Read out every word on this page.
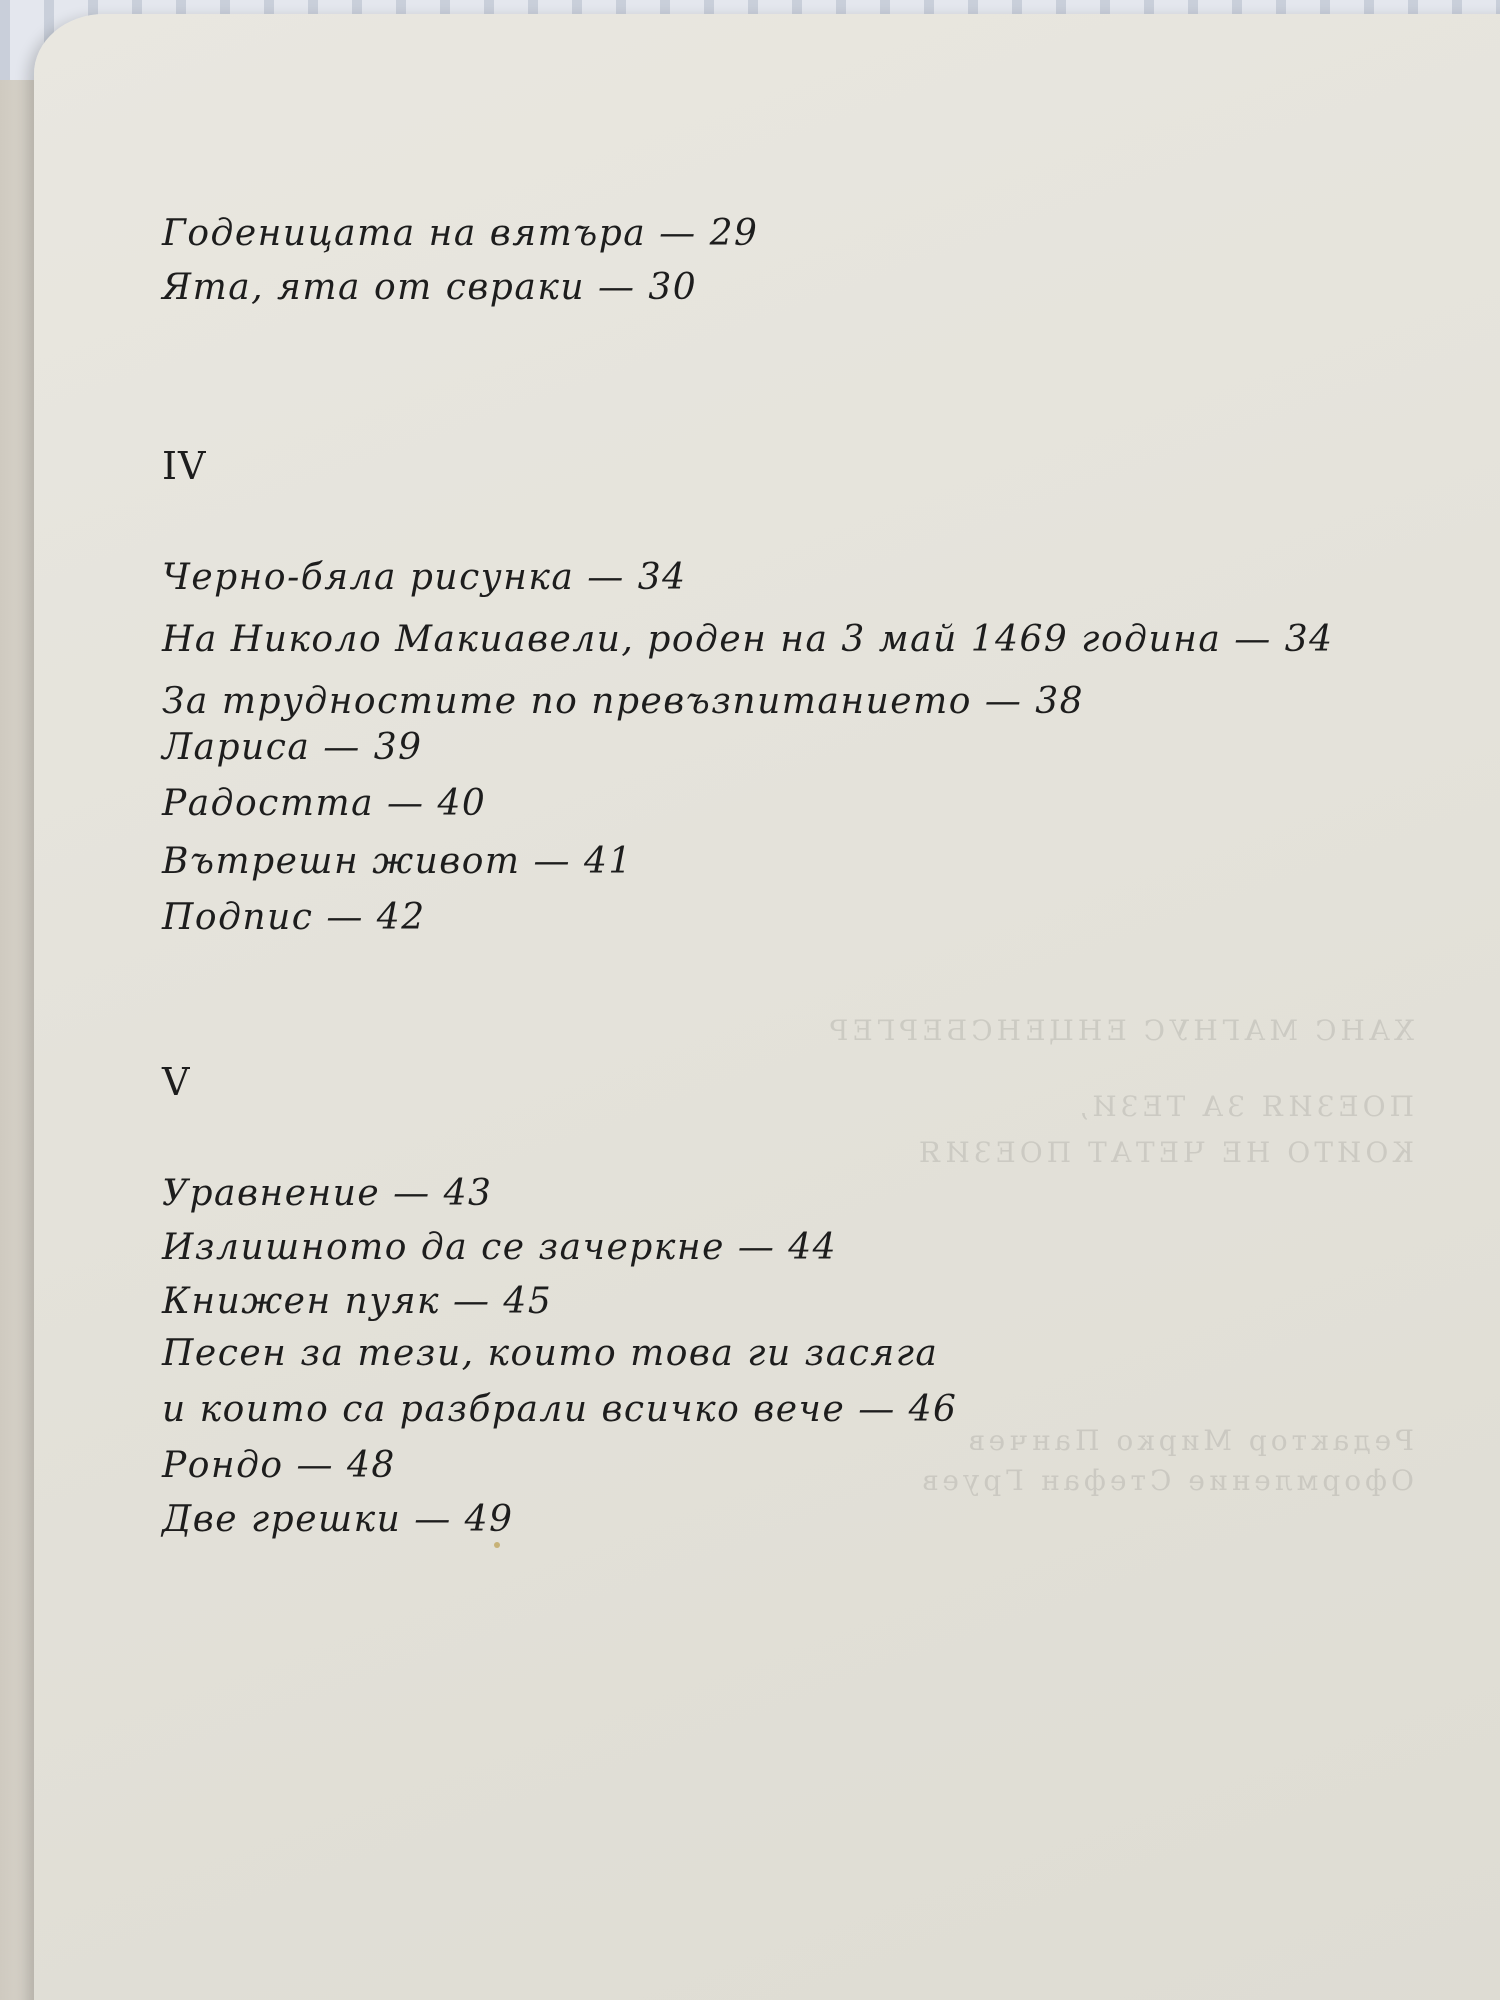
ХАНС МАГНУС ЕНЦЕНСБЕРГЕР
ПОЕЗИЯ ЗА ТЕЗИ,
КОИТО НЕ ЧЕТАТ ПОЕЗИЯ
Редактор Мирко Панчев
Оформление Стефан Груев
Годеницата на вятъра — 29
Ята, ята от свраки — 30
IV
Черно-бяла рисунка — 34
На Николо Макиавели, роден на 3 май 1469 година — 34
За трудностите по превъзпитанието — 38
Лариса — 39
Радостта — 40
Вътрешн живот — 41
Подпис — 42
V
Уравнение — 43
Излишното да се зачеркне — 44
Книжен пуяк — 45
Песен за тези, които това ги засяга
и които са разбрали всичко вече — 46
Рондо — 48
Две грешки — 49
